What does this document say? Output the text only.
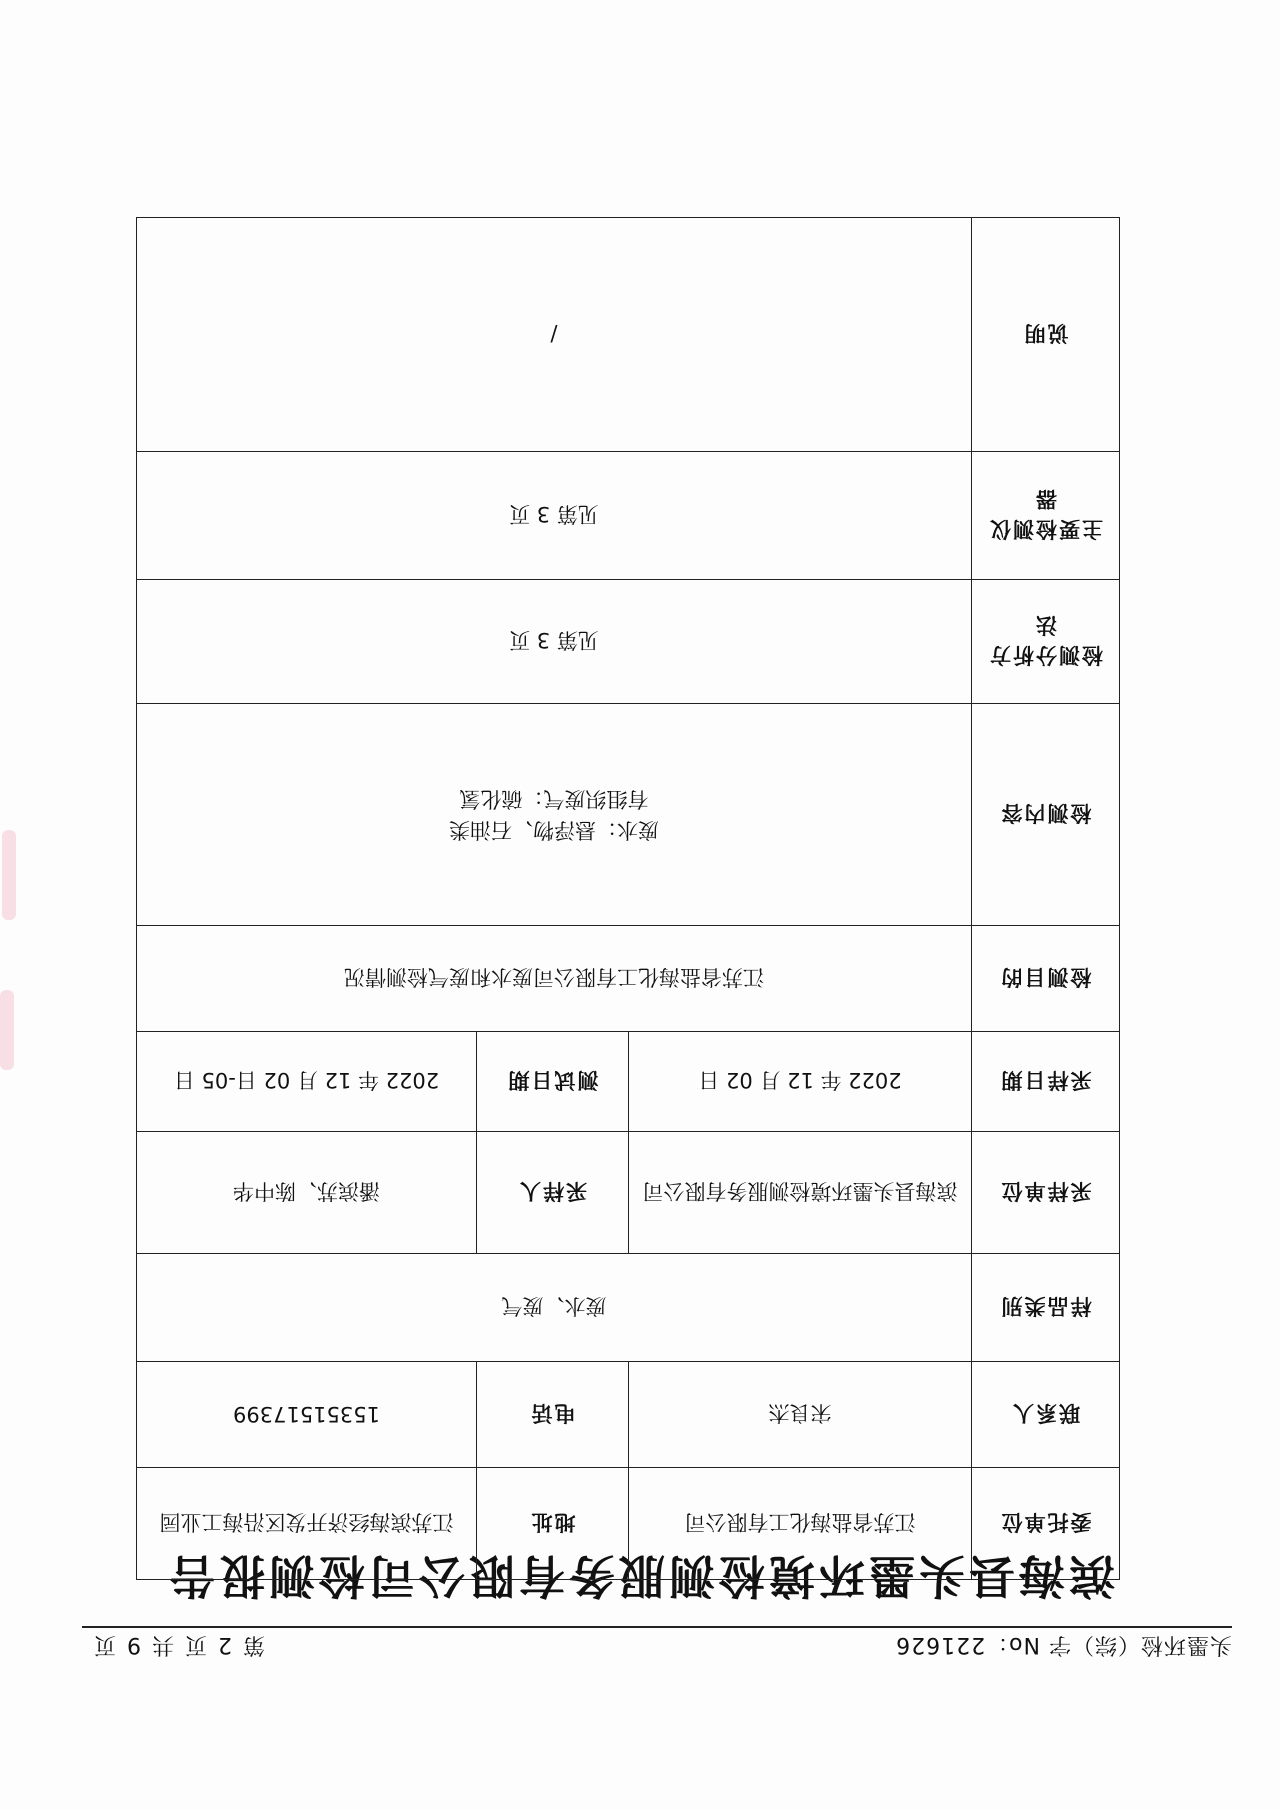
头墨环检（综）字 No：221626
第 2 页 共 9 页
滨海县头墨环境检测服务有限公司检测报告
委托单位	江苏省盐海化工有限公司	地址	江苏滨海经济开发区沿海工业园
联系人	宋良杰	电话	15351517399
样品类别	废水、废气		
采样单位	滨海县头墨环境检测服务有限公司	采样人	潘滨苏、陈中华
采样日期	2022 年 12 月 02 日	测试日期	2022 年 12 月 02 日-05 日
检测目的	江苏省盐海化工有限公司废水和废气检测情况		
检测内容	废水：悬浮物、石油类
有组织废气：硫化氢		

检测分析方法	见第 3 页		
主要检测仪器	见第 3 页		
说明	/		
